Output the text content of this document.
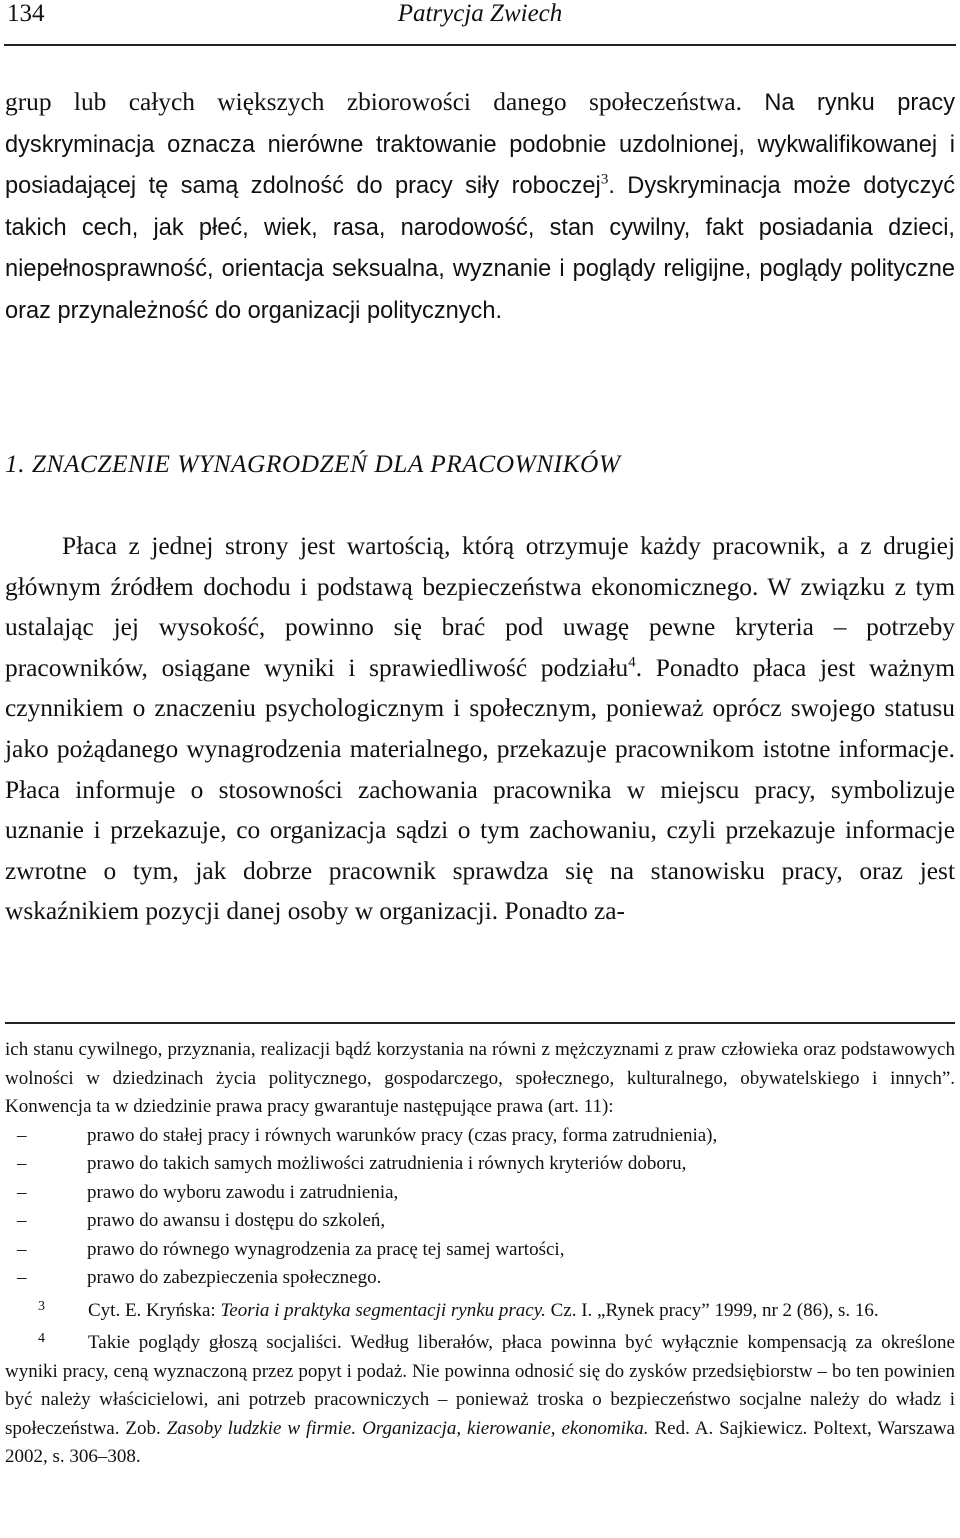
134	Patrycja Zwiech

grup lub całych większych zbiorowości danego społeczeństwa. Na rynku pracy dyskryminacja oznacza nierówne traktowanie podobnie uzdolnionej, wykwalifikowanej i posiadającej tę samą zdolność do pracy siły roboczej$^3$. Dyskryminacja może dotyczyć takich cech, jak płeć, wiek, rasa, narodowość, stan cywilny, fakt posiadania dzieci, niepełnosprawność, orientacja seksualna, wyznanie i poglądy religijne, poglądy polityczne oraz przynależność do organizacji politycznych.

1. ZNACZENIE WYNAGRODZEŃ DLA PRACOWNIKÓW

Płaca z jednej strony jest wartością, którą otrzymuje każdy pracownik, a z drugiej głównym źródłem dochodu i podstawą bezpieczeństwa ekonomicznego. W związku z tym ustalając jej wysokość, powinno się brać pod uwagę pewne kryteria – potrzeby pracowników, osiągane wyniki i sprawiedliwość podziału$^4$. Ponadto płaca jest ważnym czynnikiem o znaczeniu psychologicznym i społecznym, ponieważ oprócz swojego statusu jako pożądanego wynagrodzenia materialnego, przekazuje pracownikom istotne informacje. Płaca informuje o stosowności zachowania pracownika w miejscu pracy, symbolizuje uznanie i przekazuje, co organizacja sądzi o tym zachowaniu, czyli przekazuje informacje zwrotne o tym, jak dobrze pracownik sprawdza się na stanowisku pracy, oraz jest wskaźnikiem pozycji danej osoby w organizacji. Ponadto za-

ich stanu cywilnego, przyznania, realizacji bądź korzystania na równi z mężczyznami z praw człowieka oraz podstawowych wolności w dziedzinach życia politycznego, gospodarczego, społecznego, kulturalnego, obywatelskiego i innych”. Konwencja ta w dziedzinie prawa pracy gwarantuje następujące prawa (art. 11):

–	prawo do stałej pracy i równych warunków pracy (czas pracy, forma zatrudnienia),
–	prawo do takich samych możliwości zatrudnienia i równych kryteriów doboru,
–	prawo do wyboru zawodu i zatrudnienia,
–	prawo do awansu i dostępu do szkoleń,
–	prawo do równego wynagrodzenia za pracę tej samej wartości,
–	prawo do zabezpieczenia społecznego.

3 Cyt. E. Kryńska: Teoria i praktyka segmentacji rynku pracy. Cz. I. „Rynek pracy” 1999, nr 2 (86), s. 16.

4 Takie poglądy głoszą socjaliści. Według liberałów, płaca powinna być wyłącznie kompensacją za określone wyniki pracy, ceną wyznaczoną przez popyt i podaż. Nie powinna odnosić się do zysków przedsiębiorstw – bo ten powinien być należy właścicielowi, ani potrzeb pracowniczych – ponieważ troska o bezpieczeństwo socjalne należy do władz i społeczeństwa. Zob. Zasoby ludzkie w firmie. Organizacja, kierowanie, ekonomika. Red. A. Sajkiewicz. Poltext, Warszawa 2002, s. 306–308.
